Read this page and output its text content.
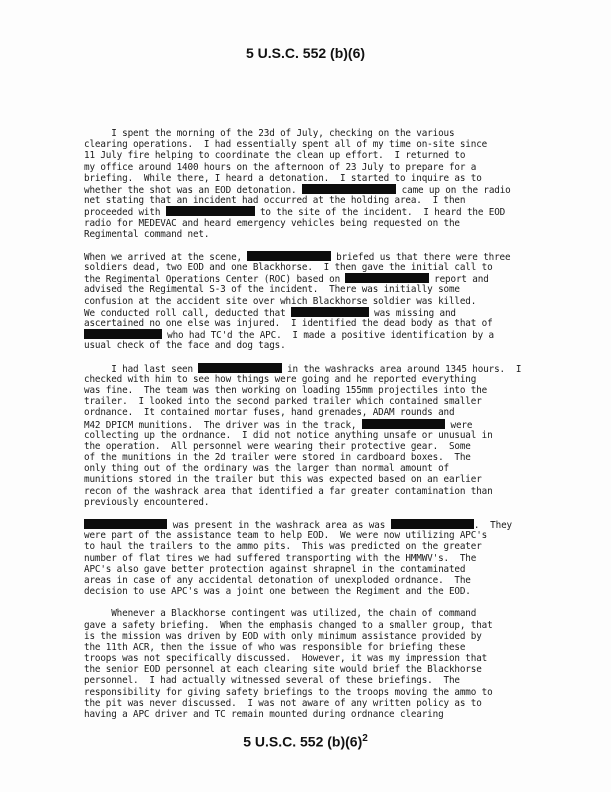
5 U.S.C. 552 (b)(6)
I spent the morning of the 23d of July, checking on the various
clearing operations.  I had essentially spent all of my time on-site since
11 July fire helping to coordinate the clean up effort.  I returned to
my office around 1400 hours on the afternoon of 23 July to prepare for a
briefing.  While there, I heard a detonation.  I started to inquire as to
whether the shot was an EOD detonation.	came up on the radio
net stating that an incident had occurred at the holding area.  I then
proceeded with	to the site of the incident.  I heard the EOD
radio for MEDEVAC and heard emergency vehicles being requested on the
Regimental command net.
When we arrived at the scene,	briefed us that there were three
soldiers dead, two EOD and one Blackhorse.  I then gave the initial call to
the Regimental Operations Center (ROC) based on	report and
advised the Regimental S-3 of the incident.  There was initially some
confusion at the accident site over which Blackhorse soldier was killed.
We conducted roll call, deducted that	was missing and
ascertained no one else was injured.  I identified the dead body as that of
who had TC'd the APC.  I made a positive identification by a
usual check of the face and dog tags.
I had last seen	in the washracks area around 1345 hours.  I
checked with him to see how things were going and he reported everything
was fine.  The team was then working on loading 155mm projectiles into the
trailer.  I looked into the second parked trailer which contained smaller
ordnance.  It contained mortar fuses, hand grenades, ADAM rounds and
M42 DPICM munitions.  The driver was in the track,	were
collecting up the ordnance.  I did not notice anything unsafe or unusual in
the operation.  All personnel were wearing their protective gear.  Some
of the munitions in the 2d trailer were stored in cardboard boxes.  The
only thing out of the ordinary was the larger than normal amount of
munitions stored in the trailer but this was expected based on an earlier
recon of the washrack area that identified a far greater contamination than
previously encountered.
was present in the washrack area as was	.  They
were part of the assistance team to help EOD.  We were now utilizing APC's
to haul the trailers to the ammo pits.  This was predicted on the greater
number of flat tires we had suffered transporting with the HMMWV's.  The
APC's also gave better protection against shrapnel in the contaminated
areas in case of any accidental detonation of unexploded ordnance.  The
decision to use APC's was a joint one between the Regiment and the EOD.
Whenever a Blackhorse contingent was utilized, the chain of command
gave a safety briefing.  When the emphasis changed to a smaller group, that
is the mission was driven by EOD with only minimum assistance provided by
the 11th ACR, then the issue of who was responsible for briefing these
troops was not specifically discussed.  However, it was my impression that
the senior EOD personnel at each clearing site would brief the Blackhorse
personnel.  I had actually witnessed several of these briefings.  The
responsibility for giving safety briefings to the troops moving the ammo to
the pit was never discussed.  I was not aware of any written policy as to
having a APC driver and TC remain mounted during ordnance clearing
5 U.S.C. 552 $(b)(6)^2$
